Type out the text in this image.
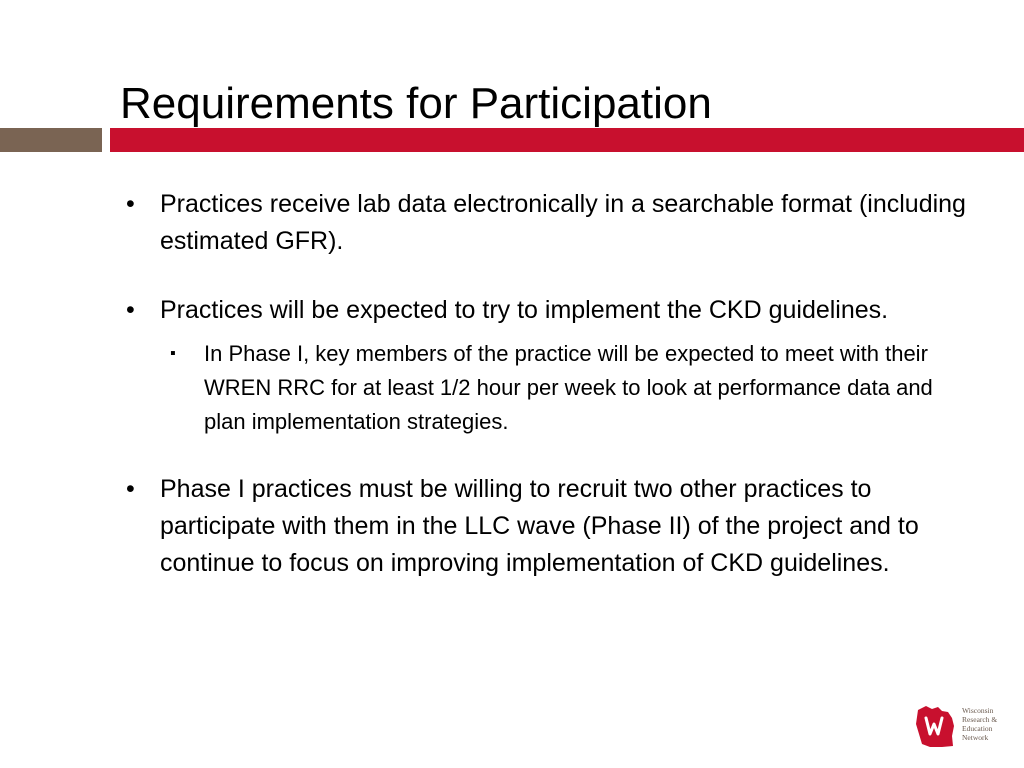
Requirements for Participation
• Practices receive lab data electronically in a searchable format (including estimated GFR).
• Practices will be expected to try to implement the CKD guidelines.
▪ In Phase I, key members of the practice will be expected to meet with their WREN RRC for at least 1/2 hour per week to look at performance data and plan implementation strategies.
• Phase I practices must be willing to recruit two other practices to participate with them in the LLC wave (Phase II) of the project and to continue to focus on improving implementation of CKD guidelines.
Wisconsin
Research &
Education
Network
